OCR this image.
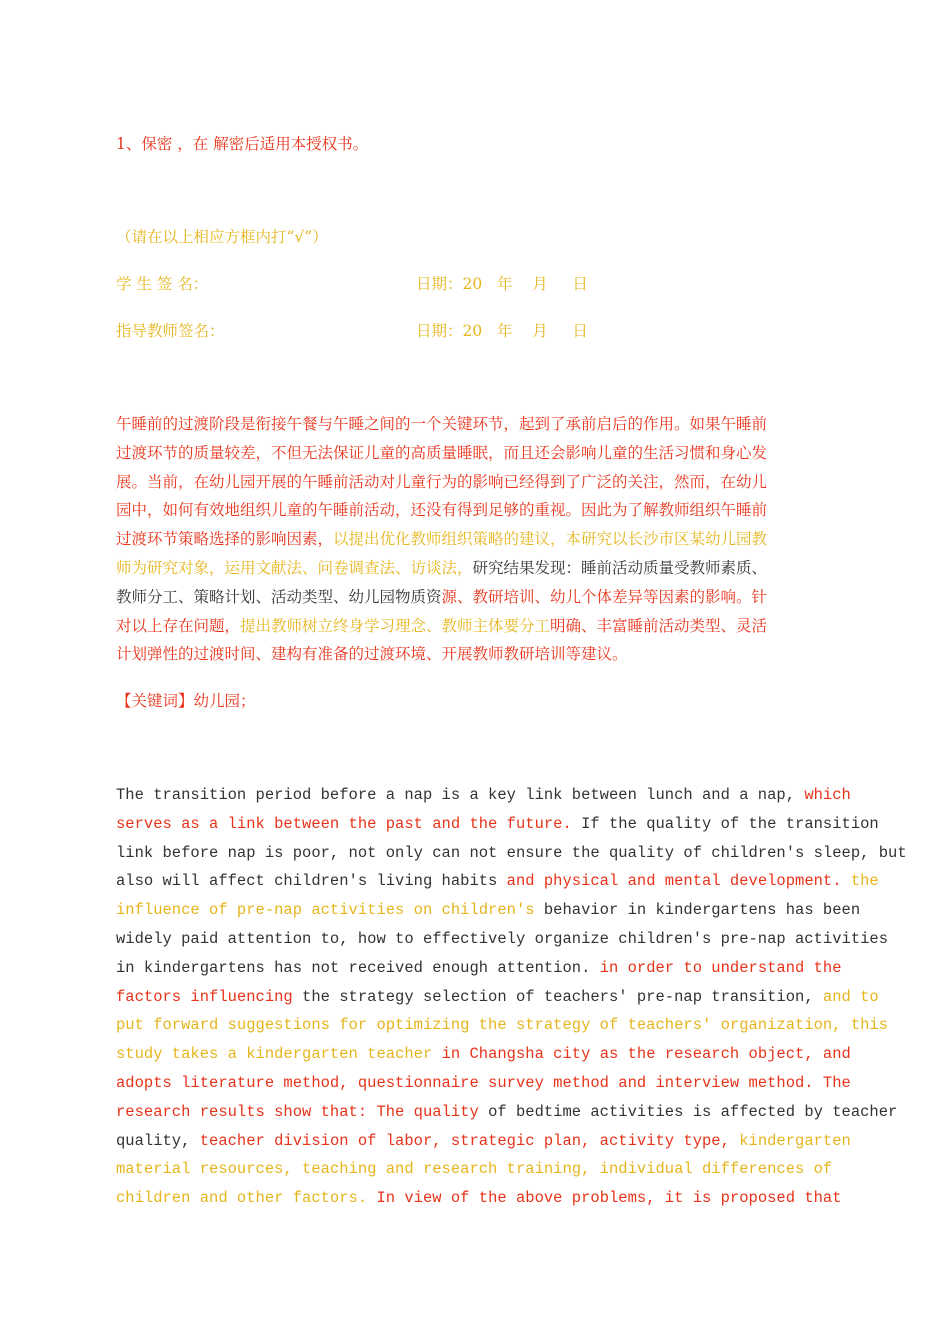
1、保密 ，在 解密后适用本授权书。
（请在以上相应方框内打“√”）
学 生 签 名：	日期：20   年    月     日
指导教师签名：	日期：20   年    月     日
午睡前的过渡阶段是衔接午餐与午睡之间的一个关键环节，起到了承前启后的作用。如果午睡前
过渡环节的质量较差，不但无法保证儿童的高质量睡眠，而且还会影响儿童的生活习惯和身心发
展。当前，在幼儿园开展的午睡前活动对儿童行为的影响已经得到了广泛的关注，然而，在幼儿
园中，如何有效地组织儿童的午睡前活动，还没有得到足够的重视。因此为了解教师组织午睡前
过渡环节策略选择的影响因素，以提出优化教师组织策略的建议，本研究以长沙市区某幼儿园教
师为研究对象，运用文献法、问卷调查法、访谈法，研究结果发现：睡前活动质量受教师素质、
教师分工、策略计划、活动类型、幼儿园物质资源、教研培训、幼儿个体差异等因素的影响。针
对以上存在问题，提出教师树立终身学习理念、教师主体要分工明确、丰富睡前活动类型、灵活
计划弹性的过渡时间、建构有准备的过渡环境、开展教师教研培训等建议。
【关键词】幼儿园；
The transition period before a nap is a key link between lunch and a nap, which
serves as a link between the past and the future. If the quality of the transition
link before nap is poor, not only can not ensure the quality of children's sleep, but
also will affect children's living habits and physical and mental development. the
influence of pre-nap activities on children's behavior in kindergartens has been
widely paid attention to, how to effectively organize children's pre-nap activities
in kindergartens has not received enough attention. in order to understand the
factors influencing the strategy selection of teachers' pre-nap transition, and to
put forward suggestions for optimizing the strategy of teachers' organization, this
study takes a kindergarten teacher in Changsha city as the research object, and
adopts literature method, questionnaire survey method and interview method. The
research results show that: The quality of bedtime activities is affected by teacher
quality, teacher division of labor, strategic plan, activity type, kindergarten
material resources, teaching and research training, individual differences of
children and other factors. In view of the above problems, it is proposed that
